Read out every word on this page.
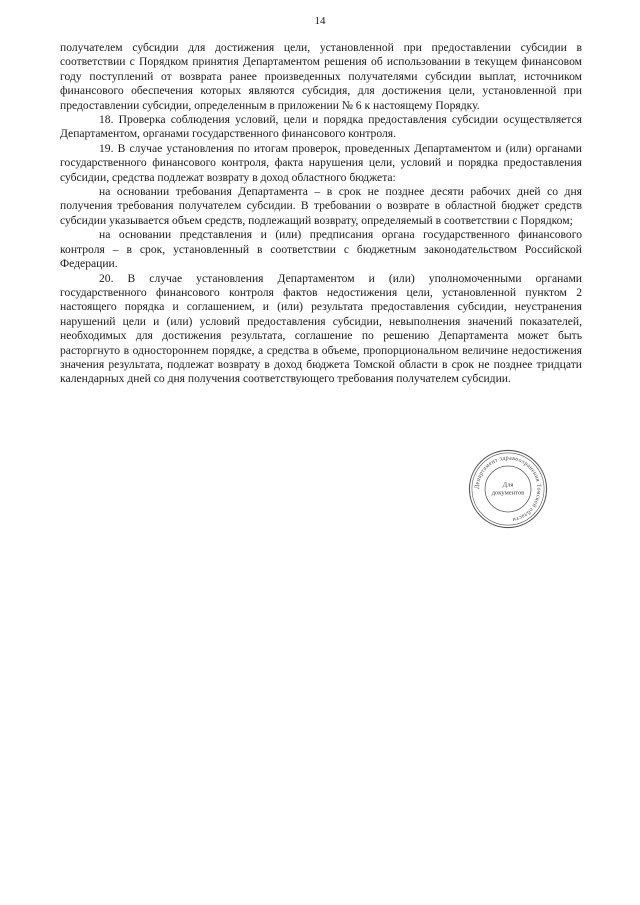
14

получателем субсидии для достижения цели, установленной при предоставлении субсидии в соответствии с Порядком принятия Департаментом решения об использовании в текущем финансовом году поступлений от возврата ранее произведенных получателями субсидии выплат, источником финансового обеспечения которых являются субсидия, для достижения цели, установленной при предоставлении субсидии, определенным в приложении № 6 к настоящему Порядку.

18. Проверка соблюдения условий, цели и порядка предоставления субсидии осуществляется Департаментом, органами государственного финансового контроля.

19. В случае установления по итогам проверок, проведенных Департаментом и (или) органами государственного финансового контроля, факта нарушения цели, условий и порядка предоставления субсидии, средства подлежат возврату в доход областного бюджета:

на основании требования Департамента – в срок не позднее десяти рабочих дней со дня получения требования получателем субсидии. В требовании о возврате в областной бюджет средств субсидии указывается объем средств, подлежащий возврату, определяемый в соответствии с Порядком;

на основании представления и (или) предписания органа государственного финансового контроля – в срок, установленный в соответствии с бюджетным законодательством Российской Федерации.

20. В случае установления Департаментом и (или) уполномоченными органами государственного финансового контроля фактов недостижения цели, установленной пунктом 2 настоящего порядка и соглашением, и (или) результата предоставления субсидии, неустранения нарушений цели и (или) условий предоставления субсидии, невыполнения значений показателей, необходимых для достижения результата, соглашение по решению Департамента может быть расторгнуто в одностороннем порядке, а средства в объеме, пропорциональном величине недостижения значения результата, подлежат возврату в доход бюджета Томской области в срок не позднее тридцати календарных дней со дня получения соответствующего требования получателем субсидии.

Департамент здравоохранения Томской области
Для
документов
